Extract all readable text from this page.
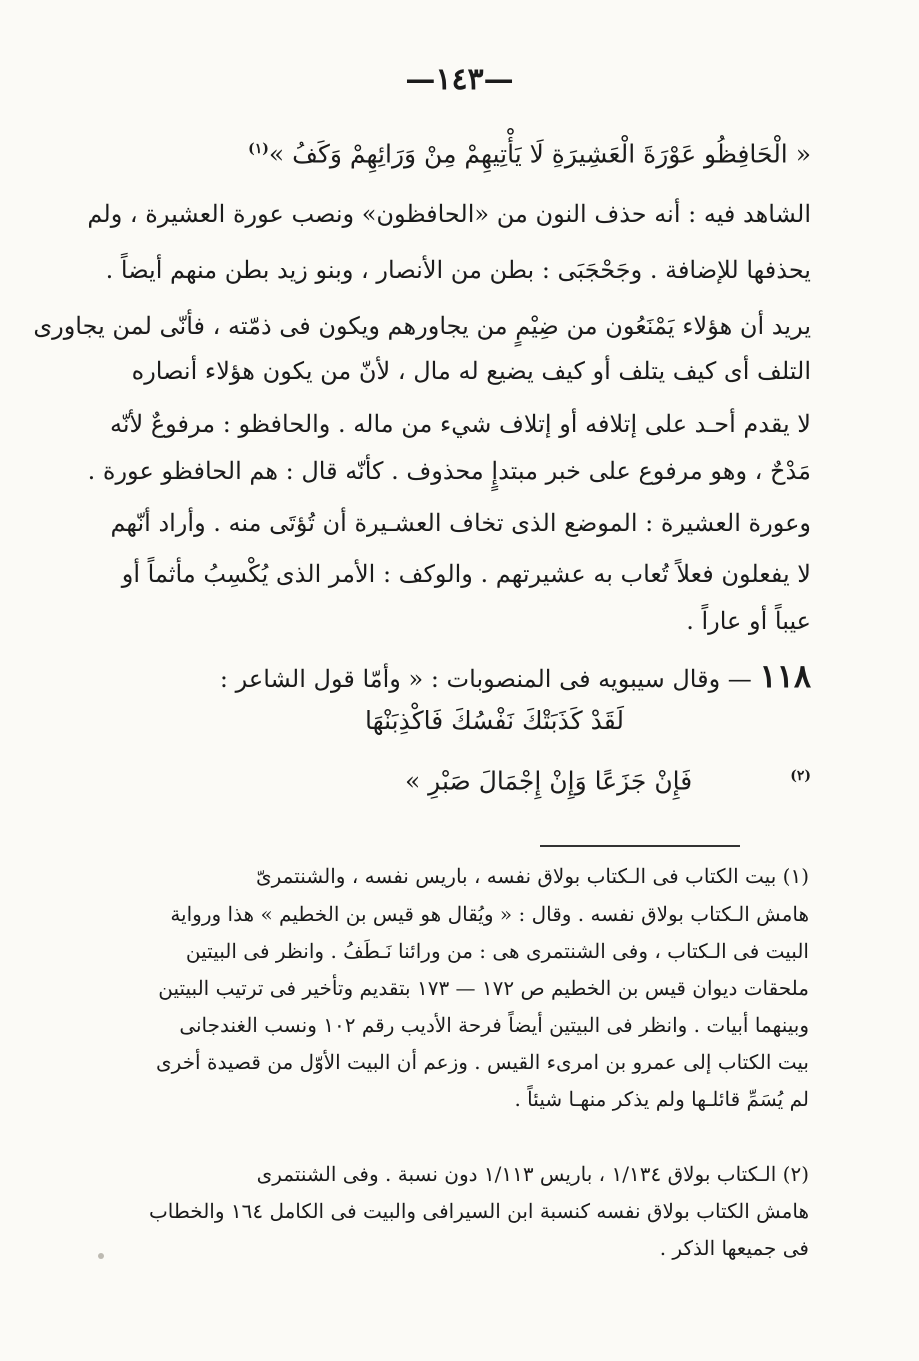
—١٤٣—
« الْحَافِظُو عَوْرَةَ الْعَشِيرَةِ لَا يَأْتِيهِمْ مِنْ وَرَائِهِمْ وَكَفُ »$^{(١)}$
الشاهد فيه : أنه حذف النون من «الحافظون» ونصب عورة العشيرة ، ولم
يحذفها للإضافة . وجَحْجَبَى : بطن من الأنصار ، وبنو زيد بطن منهم أيضاً .
يريد أن هؤلاء يَمْنَعُون من ضِيْمٍ من يجاورهم ويكون فى ذمّته ، فأنّى لمن يجاورى
التلف أى كيف يتلف أو كيف يضيع له مال ، لأنّ من يكون هؤلاء أنصاره
لا يقدم أحـد على إتلافه أو إتلاف شيء من ماله . والحافظو : مرفوعٌ لأنّه
مَدْحٌ ، وهو مرفوع على خبر مبتدإٍ محذوف . كأنّه قال : هم الحافظو عورة .
وعورة العشيرة : الموضع الذى تخاف العشـيرة أن تُؤتَى منه . وأراد أنّهم
لا يفعلون فعلاً تُعاب به عشيرتهم . والوكف : الأمر الذى يُكْسِبُ مأثماً أو
عيباً أو عاراً .
١١٨ — وقال سيبويه فى المنصوبات : « وأمّا قول الشاعر :
لَقَدْ كَذَبَتْكَ نَفْسُكَ فَاكْذِبَنْهَا
$^{(٢)}$ فَإِنْ جَزَعًا وَإِنْ إِجْمَالَ صَبْرِ »
(١) بيت الكتاب فى الـكتاب بولاق نفسه ، باريس نفسه ، والشنتمرىّ
هامش الـكتاب بولاق نفسه . وقال : « ويُقال هو قيس بن الخطيم » هذا ورواية
البيت فى الـكتاب ، وفى الشنتمرى هى : من ورائنا نَـطَفُ . وانظر فى البيتين
ملحقات ديوان قيس بن الخطيم ص ١٧٢ — ١٧٣ بتقديم وتأخير فى ترتيب البيتين
وبينهما أبيات . وانظر فى البيتين أيضاً فرحة الأديب رقم ١٠٢ ونسب الغندجانى
بيت الكتاب إلى عمرو بن امرىء القيس . وزعم أن البيت الأوّل من قصيدة أخرى
لم يُسَمِّ قائلـها ولم يذكر منهـا شيئاً .
(٢) الـكتاب بولاق ١/١٣٤ ، باريس ١/١١٣ دون نسبة . وفى الشنتمرى
هامش الكتاب بولاق نفسه كنسبة ابن السيرافى والبيت فى الكامل ١٦٤ والخطاب
فى جميعها الذكر .
